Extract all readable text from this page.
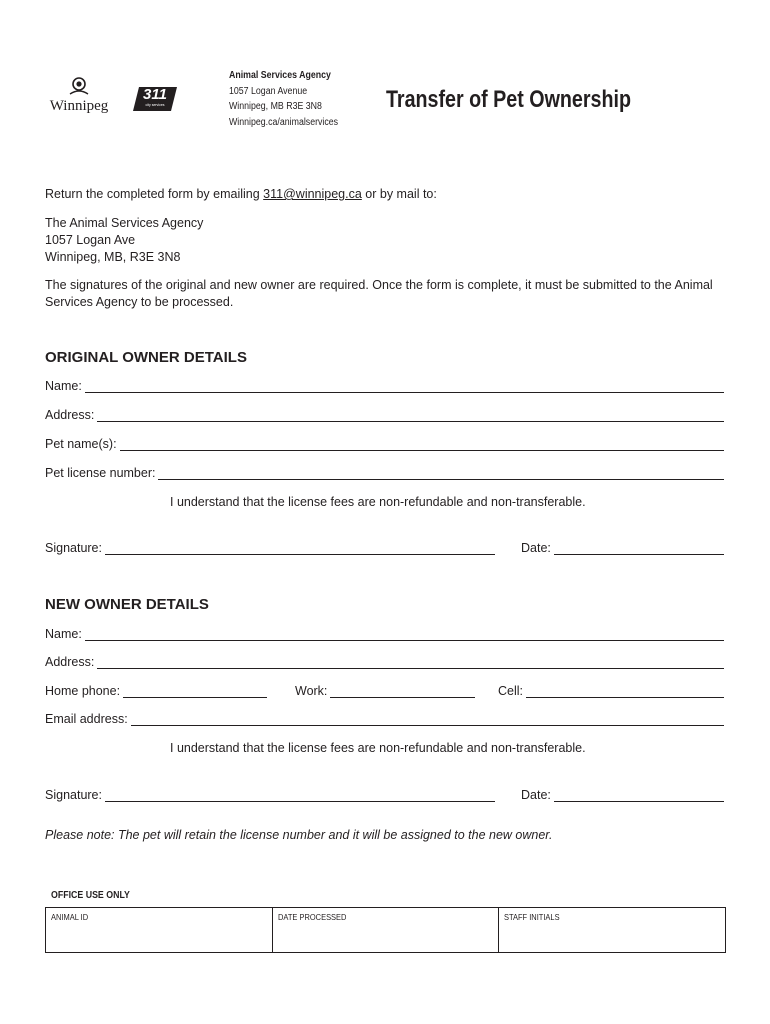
Winnipeg
311
city services
Animal Services Agency
1057 Logan Avenue
Winnipeg, MB R3E 3N8
Winnipeg.ca/animalservices
Transfer of Pet Ownership
Return the completed form by emailing 311@winnipeg.ca or by mail to:
The Animal Services Agency
1057 Logan Ave
Winnipeg, MB, R3E 3N8
The signatures of the original and new owner are required. Once the form is complete, it must be submitted to the Animal Services Agency to be processed.
ORIGINAL OWNER DETAILS
Name:
Address:
Pet name(s):
Pet license number:
I understand that the license fees are non-refundable and non-transferable.
Signature:	Date:
NEW OWNER DETAILS
Name:
Address:
Home phone:	Work:	Cell:
Email address:
I understand that the license fees are non-refundable and non-transferable.
Signature:	Date:
Please note: The pet will retain the license number and it will be assigned to the new owner.
OFFICE USE ONLY
ANIMAL ID	DATE PROCESSED	STAFF INITIALS
